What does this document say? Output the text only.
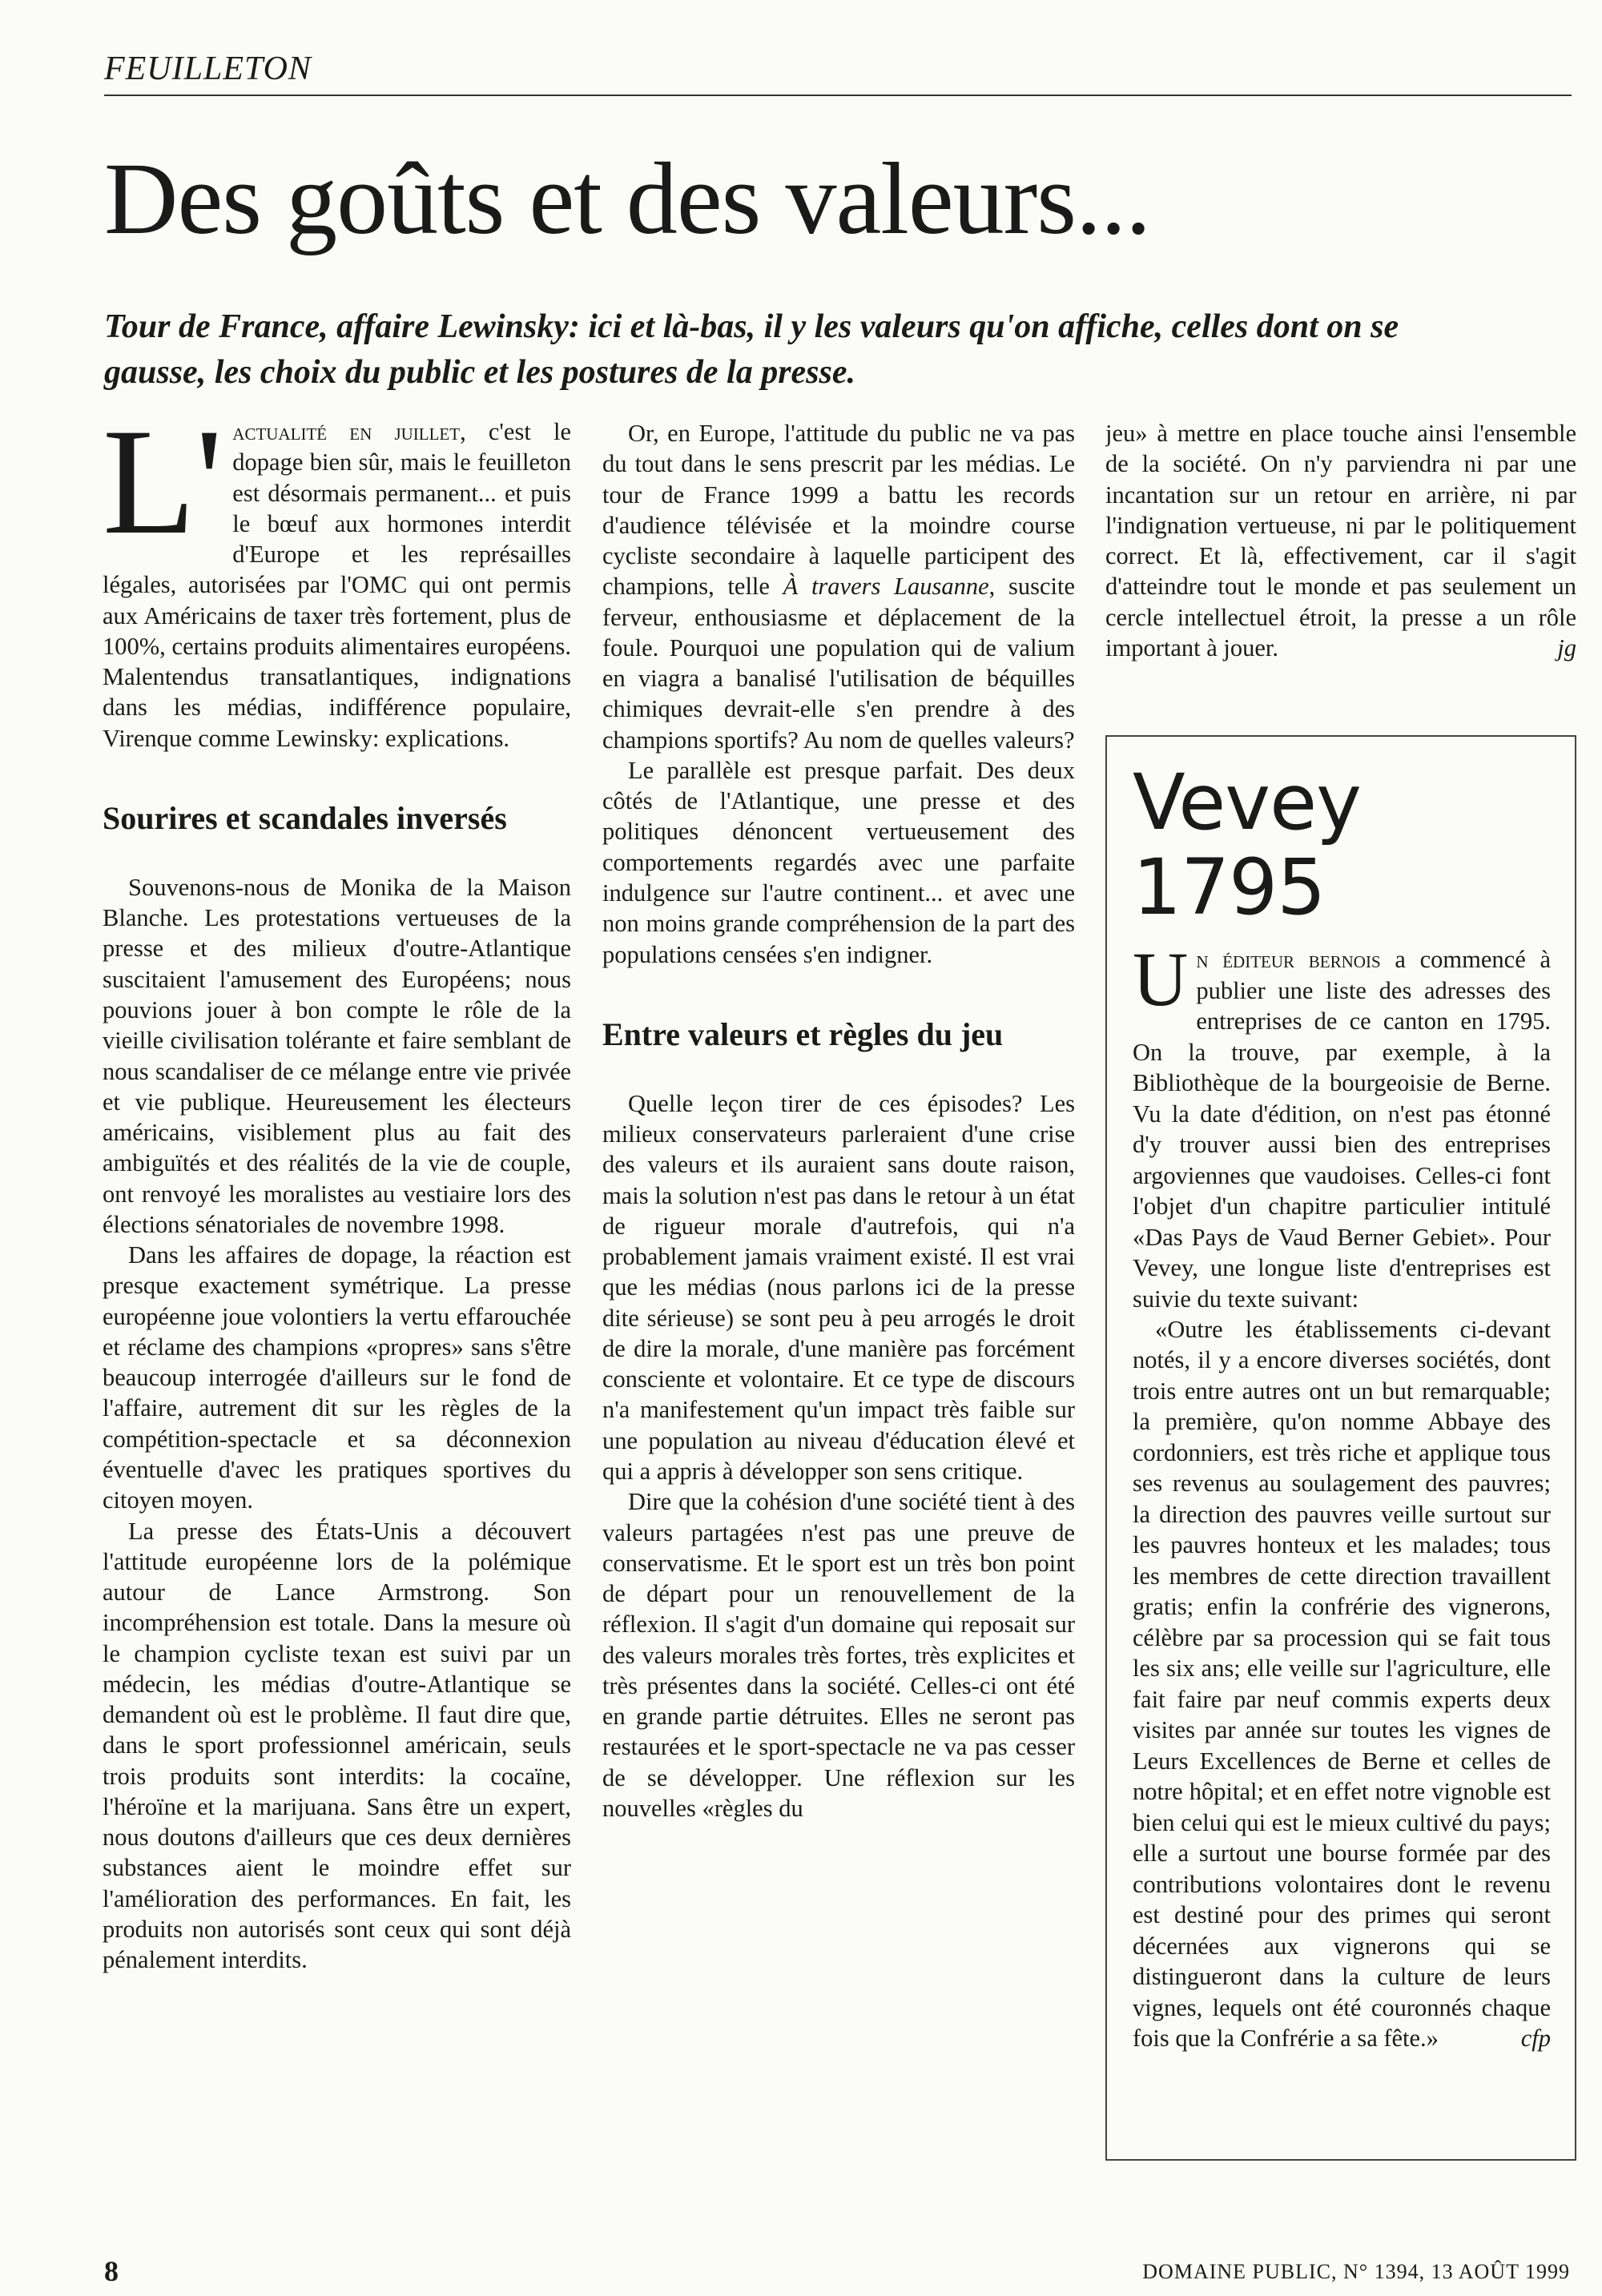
FEUILLETON
Des goûts et des valeurs...
Tour de France, affaire Lewinsky: ici et là-bas, il y les valeurs qu'on affiche, celles dont on se gausse, les choix du public et les postures de la presse.

L' actualité en juillet, c'est le dopage bien sûr, mais le feuilleton est désormais permanent... et puis le bœuf aux hormones interdit d'Europe et les représailles légales, autorisées par l'OMC qui ont permis aux Américains de taxer très fortement, plus de 100%, certains produits alimentaires européens. Malentendus transatlantiques, indignations dans les médias, indifférence populaire, Virenque comme Lewinsky: explications.

Sourires et scandales inversés

Souvenons-nous de Monika de la Maison Blanche. Les protestations vertueuses de la presse et des milieux d'outre-Atlantique suscitaient l'amusement des Européens; nous pouvions jouer à bon compte le rôle de la vieille civilisation tolérante et faire semblant de nous scandaliser de ce mélange entre vie privée et vie publique. Heureusement les électeurs américains, visiblement plus au fait des ambiguïtés et des réalités de la vie de couple, ont renvoyé les moralistes au vestiaire lors des élections sénatoriales de novembre 1998.

Dans les affaires de dopage, la réaction est presque exactement symétrique. La presse européenne joue volontiers la vertu effarouchée et réclame des champions «propres» sans s'être beaucoup interrogée d'ailleurs sur le fond de l'affaire, autrement dit sur les règles de la compétition-spectacle et sa déconnexion éventuelle d'avec les pratiques sportives du citoyen moyen.

La presse des États-Unis a découvert l'attitude européenne lors de la polémique autour de Lance Armstrong. Son incompréhension est totale. Dans la mesure où le champion cycliste texan est suivi par un médecin, les médias d'outre-Atlantique se demandent où est le problème. Il faut dire que, dans le sport professionnel américain, seuls trois produits sont interdits: la cocaïne, l'héroïne et la marijuana. Sans être un expert, nous doutons d'ailleurs que ces deux dernières substances aient le moindre effet sur l'amélioration des performances. En fait, les produits non autorisés sont ceux qui sont déjà pénalement interdits.

Or, en Europe, l'attitude du public ne va pas du tout dans le sens prescrit par les médias. Le tour de France 1999 a battu les records d'audience télévisée et la moindre course cycliste secondaire à laquelle participent des champions, telle À travers Lausanne, suscite ferveur, enthousiasme et déplacement de la foule. Pourquoi une population qui de valium en viagra a banalisé l'utilisation de béquilles chimiques devrait-elle s'en prendre à des champions sportifs? Au nom de quelles valeurs?

Le parallèle est presque parfait. Des deux côtés de l'Atlantique, une presse et des politiques dénoncent vertueusement des comportements regardés avec une parfaite indulgence sur l'autre continent... et avec une non moins grande compréhension de la part des populations censées s'en indigner.

Entre valeurs et règles du jeu

Quelle leçon tirer de ces épisodes? Les milieux conservateurs parleraient d'une crise des valeurs et ils auraient sans doute raison, mais la solution n'est pas dans le retour à un état de rigueur morale d'autrefois, qui n'a probablement jamais vraiment existé. Il est vrai que les médias (nous parlons ici de la presse dite sérieuse) se sont peu à peu arrogés le droit de dire la morale, d'une manière pas forcément consciente et volontaire. Et ce type de discours n'a manifestement qu'un impact très faible sur une population au niveau d'éducation élevé et qui a appris à développer son sens critique.

Dire que la cohésion d'une société tient à des valeurs partagées n'est pas une preuve de conservatisme. Et le sport est un très bon point de départ pour un renouvellement de la réflexion. Il s'agit d'un domaine qui reposait sur des valeurs morales très fortes, très explicites et très présentes dans la société. Celles-ci ont été en grande partie détruites. Elles ne seront pas restaurées et le sport-spectacle ne va pas cesser de se développer. Une réflexion sur les nouvelles «règles du

jeu» à mettre en place touche ainsi l'ensemble de la société. On n'y parviendra ni par une incantation sur un retour en arrière, ni par l'indignation vertueuse, ni par le politiquement correct. Et là, effectivement, car il s'agit d'atteindre tout le monde et pas seulement un cercle intellectuel étroit, la presse a un rôle important à jouer.	jg

Vevey 1795

Un éditeur bernois a commencé à publier une liste des adresses des entreprises de ce canton en 1795. On la trouve, par exemple, à la Bibliothèque de la bourgeoisie de Berne. Vu la date d'édition, on n'est pas étonné d'y trouver aussi bien des entreprises argoviennes que vaudoises. Celles-ci font l'objet d'un chapitre particulier intitulé «Das Pays de Vaud Berner Gebiet». Pour Vevey, une longue liste d'entreprises est suivie du texte suivant:

«Outre les établissements ci-devant notés, il y a encore diverses sociétés, dont trois entre autres ont un but remarquable; la première, qu'on nomme Abbaye des cordonniers, est très riche et applique tous ses revenus au soulagement des pauvres; la direction des pauvres veille surtout sur les pauvres honteux et les malades; tous les membres de cette direction travaillent gratis; enfin la confrérie des vignerons, célèbre par sa procession qui se fait tous les six ans; elle veille sur l'agriculture, elle fait faire par neuf commis experts deux visites par année sur toutes les vignes de Leurs Excellences de Berne et celles de notre hôpital; et en effet notre vignoble est bien celui qui est le mieux cultivé du pays; elle a surtout une bourse formée par des contributions volontaires dont le revenu est destiné pour des primes qui seront décernées aux vignerons qui se distingueront dans la culture de leurs vignes, lequels ont été couronnés chaque fois que la Confrérie a sa fête.»	cfp

8	DOMAINE PUBLIC, N° 1394, 13 AOÛT 1999
